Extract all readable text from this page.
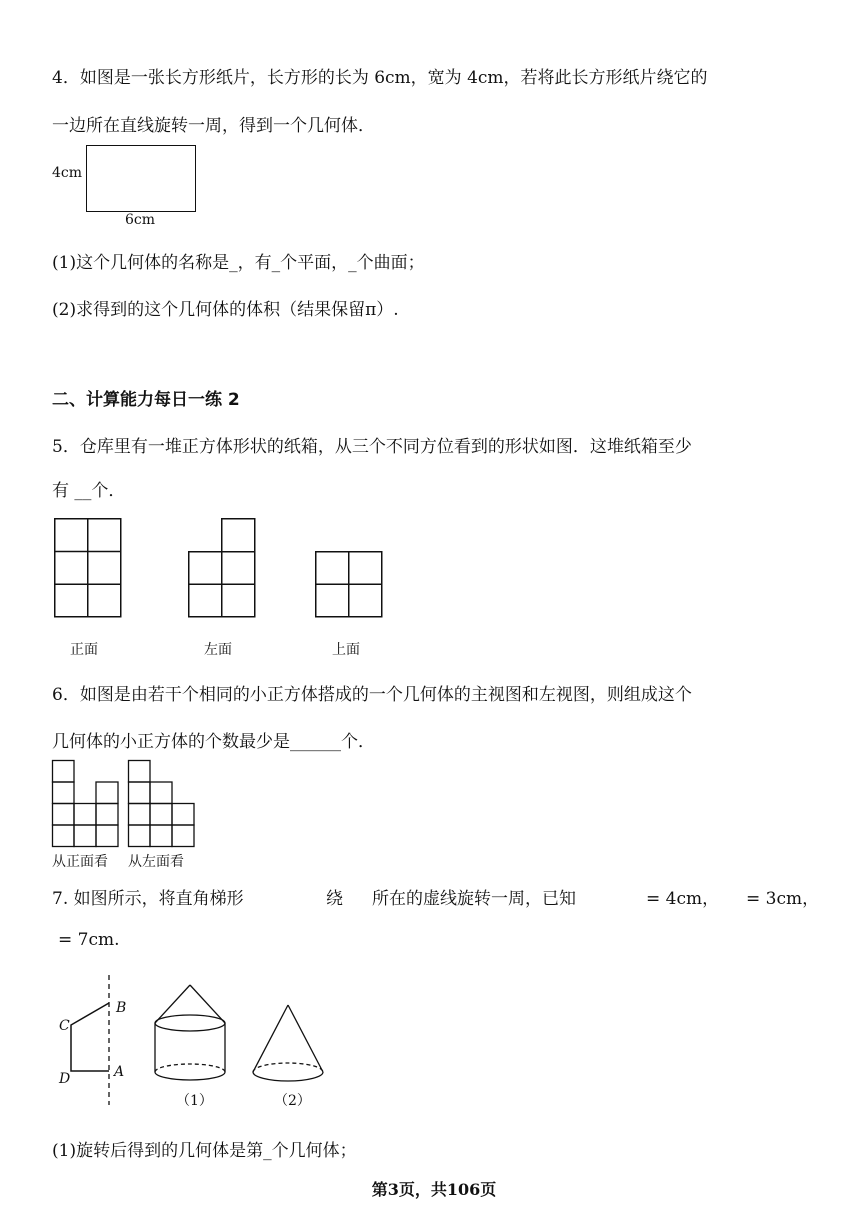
4．如图是一张长方形纸片，长方形的长为 6cm，宽为 4cm，若将此长方形纸片绕它的
一边所在直线旋转一周，得到一个几何体．
4cm
6cm
(1)这个几何体的名称是_，有_个平面，_个曲面；
(2)求得到的这个几何体的体积（结果保留π）.
二、计算能力每日一练 2
5．仓库里有一堆正方体形状的纸箱，从三个不同方位看到的形状如图．这堆纸箱至少
有 __个．
正面	左面	上面
6．如图是由若干个相同的小正方体搭成的一个几何体的主视图和左视图，则组成这个
几何体的小正方体的个数最少是______个．
从正面看 从左面看
7. 如图所示，将直角梯形	绕 所在的虚线旋转一周，已知	= 4cm， = 3cm，
= 7cm.
B
C
D	A
（1）	（2）
(1)旋转后得到的几何体是第_个几何体；
第3页，共106页
